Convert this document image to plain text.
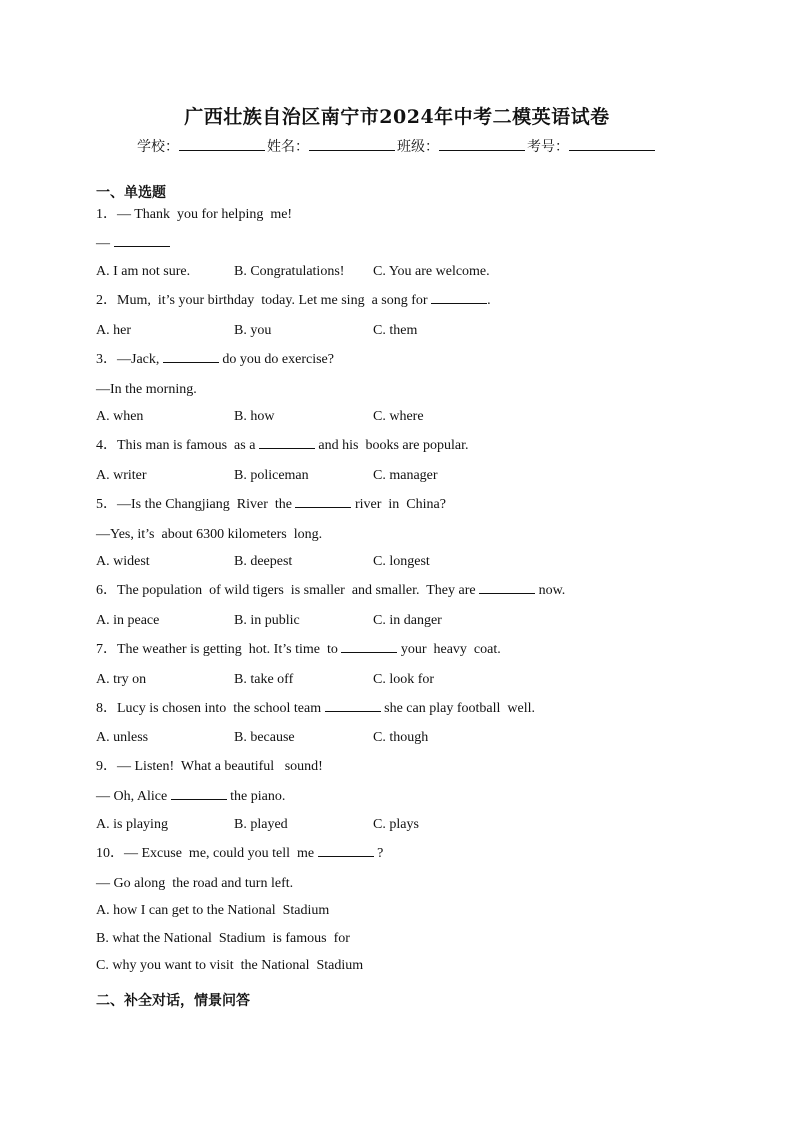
广西壮族自治区南宁市2024年中考二模英语试卷
学校：	姓名：	班级：	考号：
一、单选题
1．— Thank  you for helping  me!
—
A. I am not sure.	B. Congratulations! C. You are welcome.
2．Mum,  it’s your birthday  today. Let me sing  a song for	.
A. her	B. you	C. them
3．—Jack,	do you do exercise?
—In the morning.
A. when	B. how	C. where
4．This man is famous  as a	and his  books are popular.
A. writer	B. policeman	C. manager
5．—Is the Changjiang  River  the	river  in  China?
—Yes, it’s  about 6300 kilometers  long.
A. widest	B. deepest	C. longest
6．The population  of wild tigers  is smaller  and smaller.  They are	now.
A. in peace	B. in public	C. in danger
7．The weather is getting  hot. It’s time  to	your  heavy  coat.
A. try on	B. take off	C. look for
8．Lucy is chosen into  the school team	she can play football  well.
A. unless	B. because	C. though
9．— Listen!  What a beautiful   sound!
— Oh, Alice	the piano.
A. is playing	B. played	C. plays
10．— Excuse  me, could you tell  me	?
— Go along  the road and turn left.
A. how I can get to the National  Stadium
B. what the National  Stadium  is famous  for
C. why you want to visit  the National  Stadium
二、补全对话，情景问答
